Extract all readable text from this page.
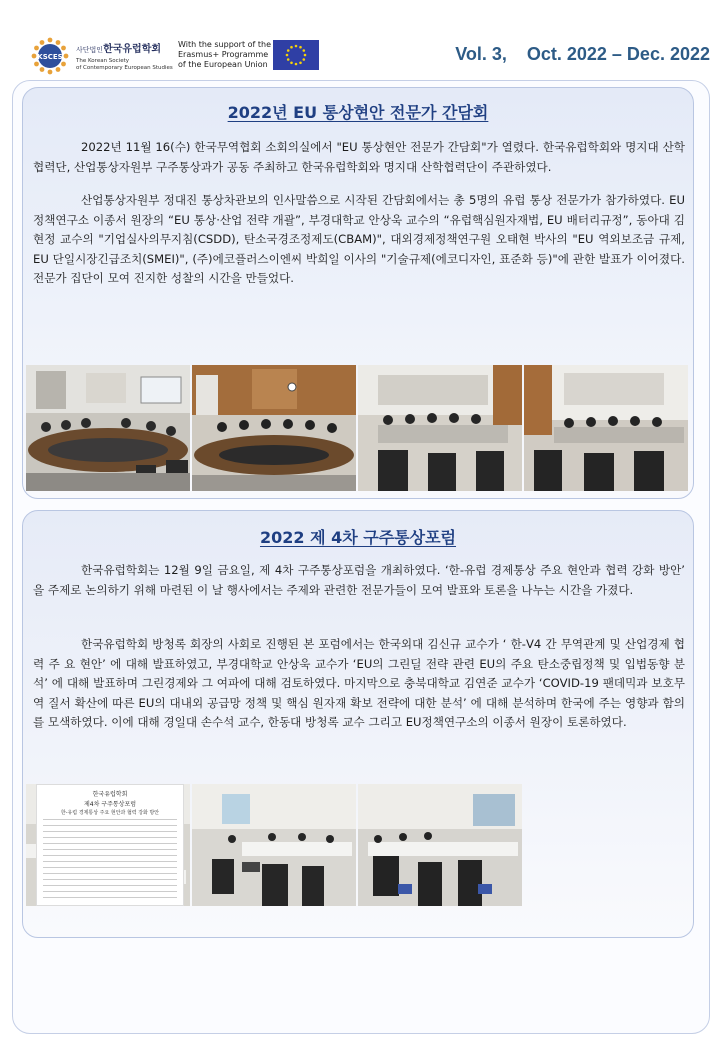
KSCES
사단법인한국유럽학회
The Korean Society
of Contemporary European Studies
With the support of the
Erasmus+ Programme
of the European Union
Vol. 3,    Oct. 2022 – Dec. 2022
2022년 EU 통상현안 전문가 간담회

2022년 11월 16(수) 한국무역협회 소회의실에서 "EU 통상현안 전문가 간담회"가 열렸다. 한국유럽학회와 명지대 산학협력단, 산업통상자원부 구주통상과가 공동 주최하고 한국유럽학회와 명지대 산학협력단이 주관하였다.

산업통상자원부 정대진 통상차관보의 인사말씀으로 시작된 간담회에서는 총 5명의 유럽 통상 전문가가 참가하였다. EU 정책연구소 이종서 원장의 “EU 통상·산업 전략 개괄”, 부경대학교 안상욱 교수의 “유럽핵심원자재법, EU 배터리규정”, 동아대 김현정 교수의 "기업실사의무지침(CSDD), 탄소국경조정제도(CBAM)", 대외경제정책연구원 오태현 박사의 "EU 역외보조금 규제, EU 단일시장긴급조치(SMEI)", (주)에코플러스이엔씨 박희일 이사의 "기술규제(에코디자인, 표준화 등)"에 관한 발표가 이어졌다. 전문가 집단이 모여 진지한 성찰의 시간을 만들었다.

2022 제 4차 구주통상포럼

한국유럽학회는 12월 9일 금요일, 제 4차 구주통상포럼을 개최하였다. ‘한-유럽 경제통상 주요 현안과 협력 강화 방안’ 을 주제로 논의하기 위해 마련된 이 날 행사에서는 주제와 관련한 전문가들이 모여 발표와 토론을 나누는 시간을 가졌다.

한국유럽학회 방청록 회장의 사회로 진행된 본 포럼에서는 한국외대 김신규 교수가 ‘ 한-V4 간 무역관계 및 산업경제 협력 주 요 현안’ 에 대해 발표하였고, 부경대학교 안상욱 교수가 ‘EU의 그린딜 전략 관련 EU의 주요 탄소중립정책 및 입법동향 분석’ 에 대해 발표하며 그린경제와 그 여파에 대해 검토하였다. 마지막으로 충북대학교 김연준 교수가 ‘COVID-19 팬데믹과 보호무역 질서 확산에 따른 EU의 대내외 공급망 정책 및 핵심 원자재 확보 전략에 대한 분석’ 에 대해 분석하며 한국에 주는 영향과 함의를 모색하였다. 이에 대해 경일대 손수석 교수, 한동대 방청록 교수 그리고 EU정책연구소의 이종서 원장이 토론하였다.

한국유럽학회
제4차 구주통상포럼
한-유럽 경제통상 주요 현안과 협력 강화 방안
